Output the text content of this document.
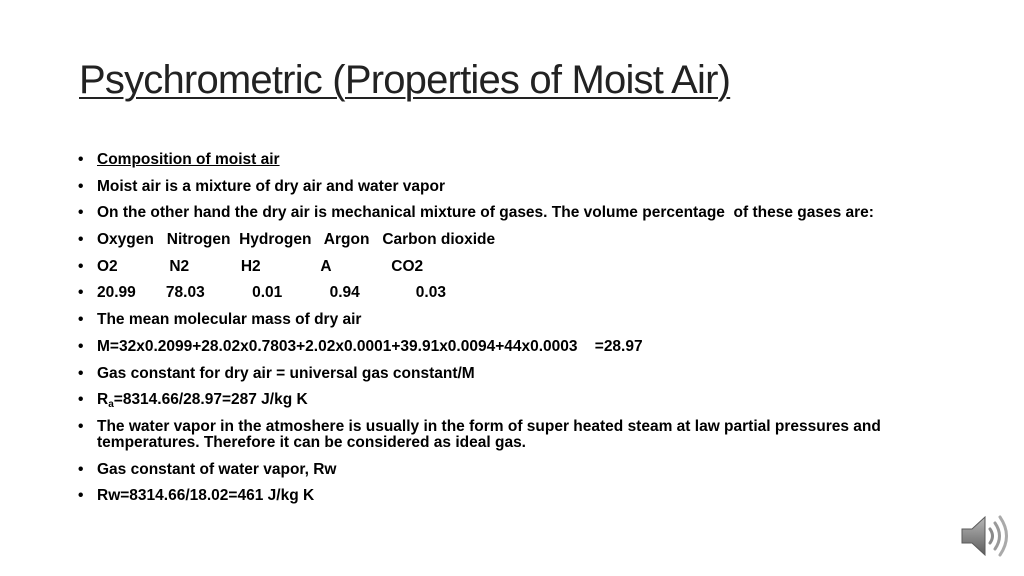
Psychrometric (Properties of Moist Air)
• Composition of moist air
• Moist air is a mixture of dry air and water vapor
• On the other hand the dry air is mechanical mixture of gases. The volume percentage  of these gases are:
• Oxygen   Nitrogen  Hydrogen   Argon   Carbon dioxide
• O2            N2            H2              A              CO2
• 20.99       78.03           0.01           0.94             0.03
• The mean molecular mass of dry air
• M=32x0.2099+28.02x0.7803+2.02x0.0001+39.91x0.0094+44x0.0003    =28.97
• Gas constant for dry air = universal gas constant/M
• $R_a=8314.66/28.97=287$ J/kg K
• The water vapor in the atmoshere is usually in the form of super heated steam at law partial pressures and temperatures. Therefore it can be considered as ideal gas.
• Gas constant of water vapor, Rw
• Rw=8314.66/18.02=461 J/kg K
